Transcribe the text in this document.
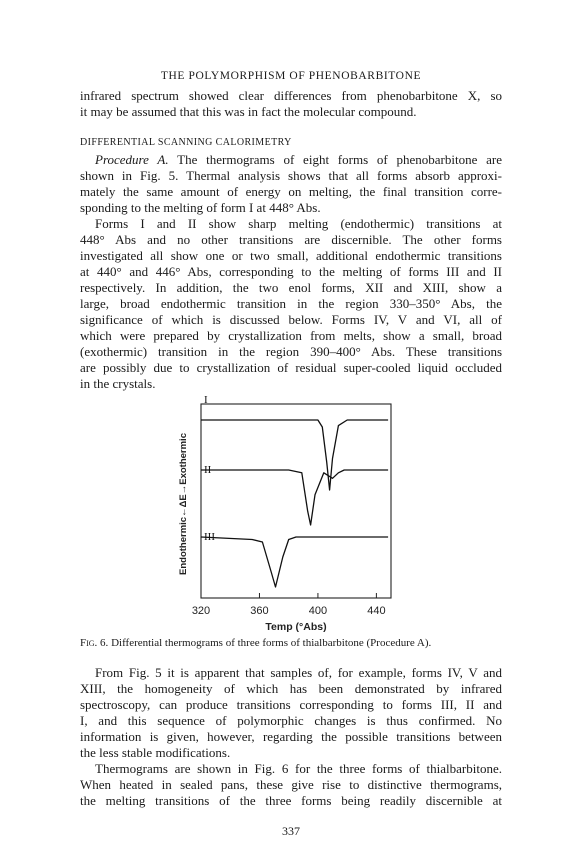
THE POLYMORPHISM OF PHENOBARBITONE

infrared spectrum showed clear differences from phenobarbitone X, so
it may be assumed that this was in fact the molecular compound.

DIFFERENTIAL SCANNING CALORIMETRY

Procedure A. The thermograms of eight forms of phenobarbitone are
shown in Fig. 5. Thermal analysis shows that all forms absorb approxi-
mately the same amount of energy on melting, the final transition corre-
sponding to the melting of form I at 448° Abs.

Forms I and II show sharp melting (endothermic) transitions at
448° Abs and no other transitions are discernible. The other forms
investigated all show one or two small, additional endothermic transitions
at 440° and 446° Abs, corresponding to the melting of forms III and II
respectively. In addition, the two enol forms, XII and XIII, show a
large, broad endothermic transition in the region 330–350° Abs, the
significance of which is discussed below. Forms IV, V and VI, all of
which were prepared by crystallization from melts, show a small, broad
(exothermic) transition in the region 390–400° Abs. These transitions
are possibly due to crystallization of residual super-cooled liquid occluded
in the crystals.

I
II
III
320	360	400	440
Temp (°Abs)
Endothermic←ΔE→Exothermic
Fig. 6. Differential thermograms of three forms of thialbarbitone (Procedure A).

From Fig. 5 it is apparent that samples of, for example, forms IV, V and
XIII, the homogeneity of which has been demonstrated by infrared
spectroscopy, can produce transitions corresponding to forms III, II and
I, and this sequence of polymorphic changes is thus confirmed. No
information is given, however, regarding the possible transitions between
the less stable modifications.

Thermograms are shown in Fig. 6 for the three forms of thialbarbitone.
When heated in sealed pans, these give rise to distinctive thermograms,
the melting transitions of the three forms being readily discernible at

337
